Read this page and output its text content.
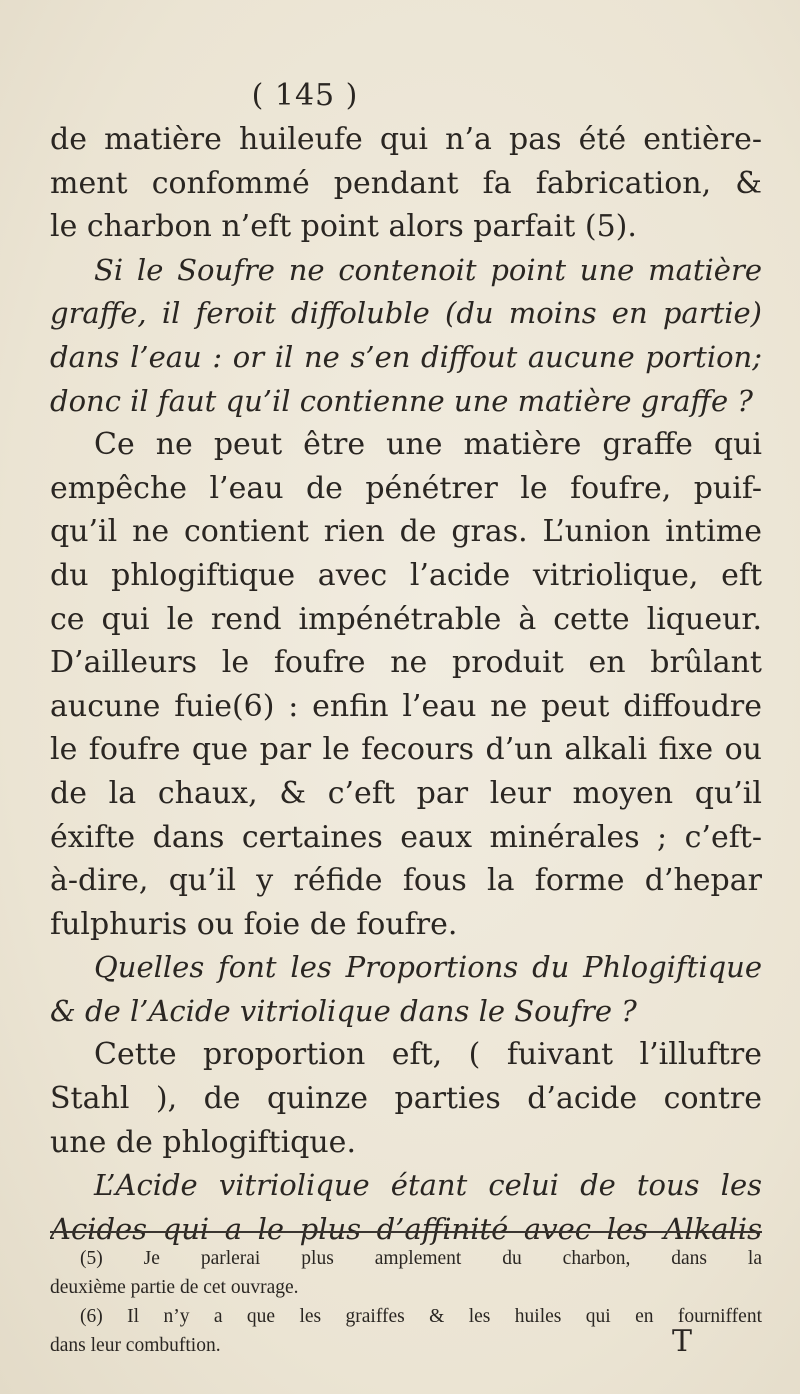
( 145 )
de matière huileufe qui n’a pas été entière-
ment confommé pendant fa fabrication, &
le charbon n’eft point alors parfait (5).
Si le Soufre ne contenoit point une matière
graffe, il feroit diffoluble (du moins en partie)
dans l’eau : or il ne s’en diffout aucune portion;
donc il faut qu’il contienne une matière graffe ?
Ce ne peut être une matière graffe qui
empêche l’eau de pénétrer le foufre, puif-
qu’il ne contient rien de gras. L’union intime
du phlogiftique avec l’acide vitriolique, eft
ce qui le rend impénétrable à cette liqueur.
D’ailleurs le foufre ne produit en brûlant
aucune fuie(6) : enfin l’eau ne peut diffoudre
le foufre que par le fecours d’un alkali fixe ou
de la chaux, & c’eft par leur moyen qu’il
éxifte dans certaines eaux minérales ; c’eft-
à-dire, qu’il y réfide fous la forme d’hepar
fulphuris ou foie de foufre.
Quelles font les Proportions du Phlogiftique
& de l’Acide vitriolique dans le Soufre ?
Cette proportion eft, ( fuivant l’illuftre
Stahl ), de quinze parties d’acide contre
une de phlogiftique.
L’Acide vitriolique étant celui de tous les
Acides qui a le plus d’affinité avec les Alkalis
(5) Je parlerai plus amplement du charbon, dans la
deuxième partie de cet ouvrage.
(6) Il n’y a que les graiffes & les huiles qui en fourniffent
dans leur combuftion.	T
